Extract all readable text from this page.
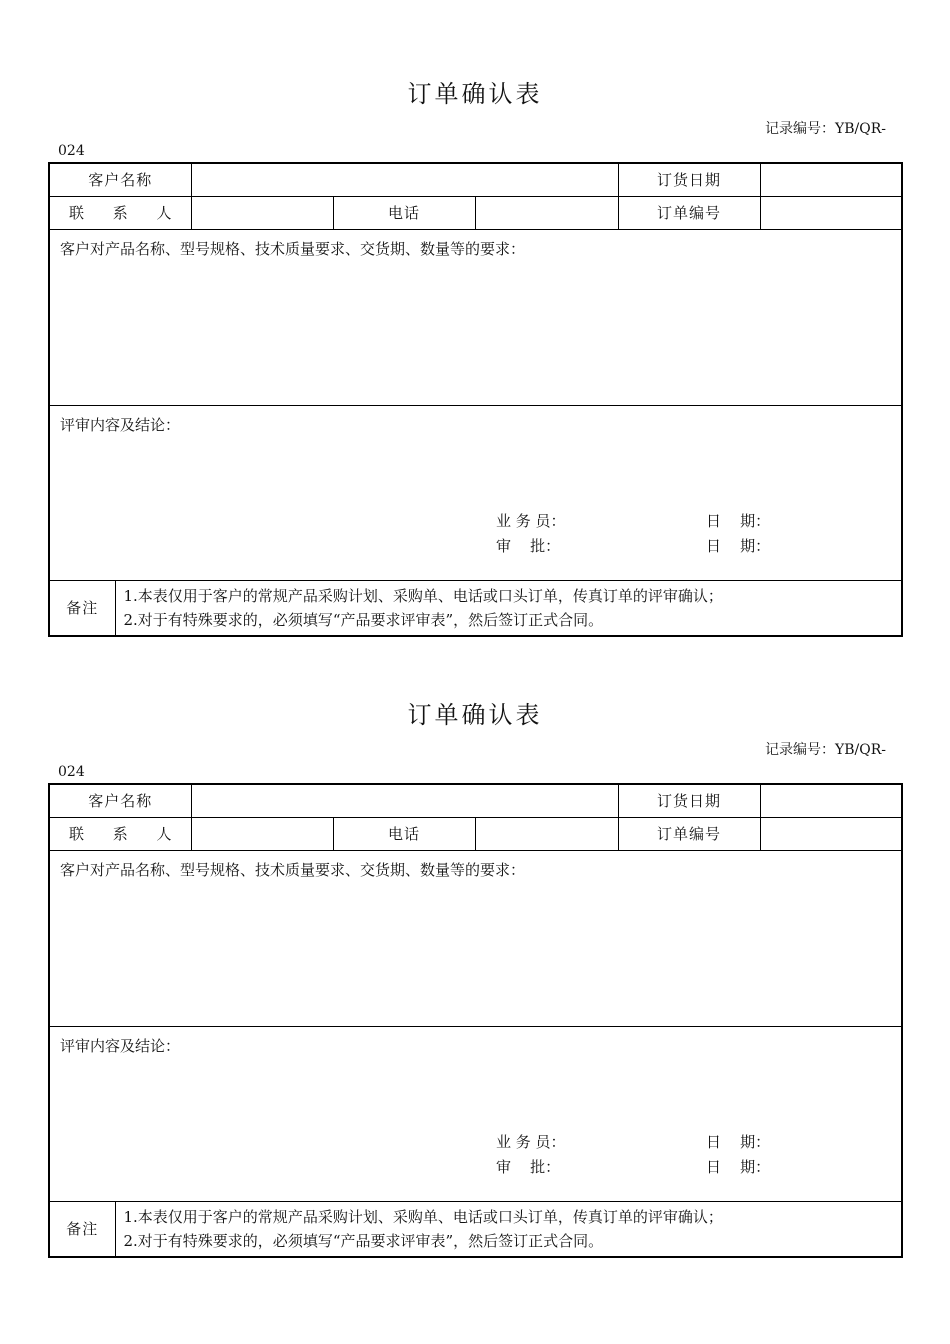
订单确认表
记录编号：YB/QR-
024
客户名称					订货日期	
联 系 人			电话		订单编号	
客户对产品名称、型号规格、技术质量要求、交货期、数量等的要求：						
评审内容及结论：
业 务 员： 日    期：
审    批： 日    期：						

备注	1.本表仅用于客户的常规产品采购计划、采购单、电话或口头订单，传真订单的评审确认；
2.对于有特殊要求的，必须填写“产品要求评审表”，然后签订正式合同。					
订单确认表
记录编号：YB/QR-
024
客户名称					订货日期	
联 系 人			电话		订单编号	
客户对产品名称、型号规格、技术质量要求、交货期、数量等的要求：						
评审内容及结论：
业 务 员： 日    期：
审    批： 日    期：						

备注	1.本表仅用于客户的常规产品采购计划、采购单、电话或口头订单，传真订单的评审确认；
2.对于有特殊要求的，必须填写“产品要求评审表”，然后签订正式合同。					
